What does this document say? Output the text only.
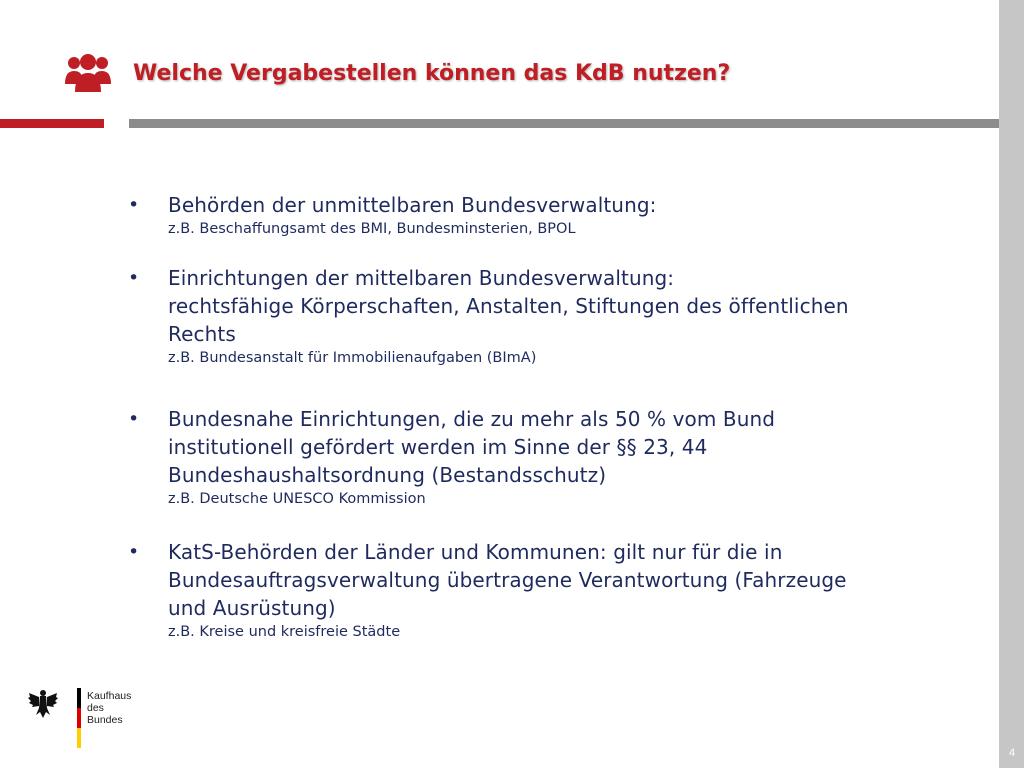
Welche Vergabestellen können das KdB nutzen?
• Behörden der unmittelbaren Bundesverwaltung:
z.B. Beschaffungsamt des BMI, Bundesminsterien, BPOL
• Einrichtungen der mittelbaren Bundesverwaltung:
rechtsfähige Körperschaften, Anstalten, Stiftungen des öffentlichen
Rechts
z.B. Bundesanstalt für Immobilienaufgaben (BImA)
• Bundesnahe Einrichtungen, die zu mehr als 50 % vom Bund
institutionell gefördert werden im Sinne der §§ 23, 44
Bundeshaushaltsordnung (Bestandsschutz)
z.B. Deutsche UNESCO Kommission
• KatS-Behörden der Länder und Kommunen: gilt nur für die in
Bundesauftragsverwaltung übertragene Verantwortung (Fahrzeuge
und Ausrüstung)
z.B. Kreise und kreisfreie Städte
Kaufhaus
des Bundes
4
